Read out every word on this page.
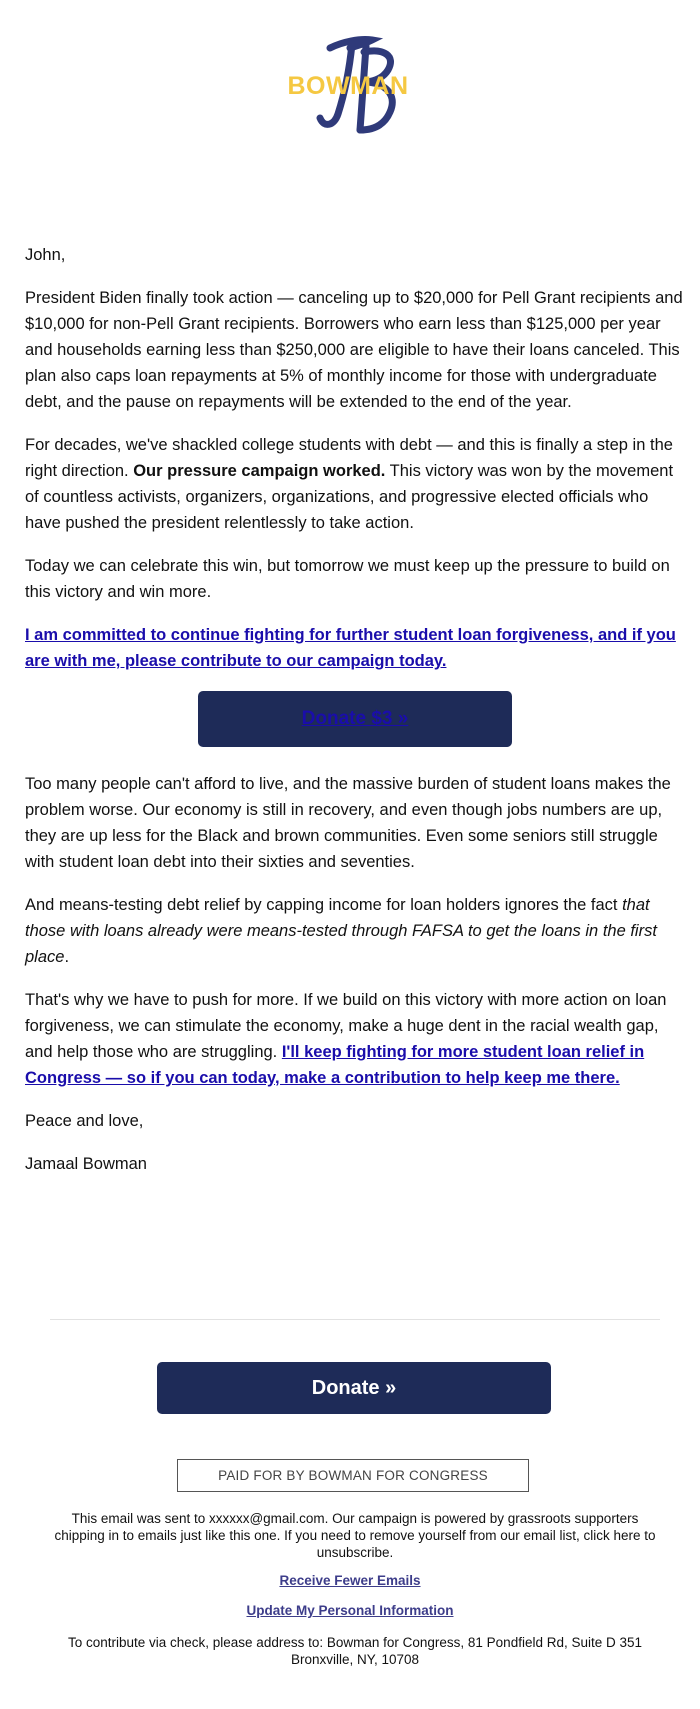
BOWMAN

John,

President Biden finally took action — canceling up to $20,000 for Pell Grant recipients and $10,000 for non-Pell Grant recipients. Borrowers who earn less than $125,000 per year and households earning less than $250,000 are eligible to have their loans canceled. This plan also caps loan repayments at 5% of monthly income for those with undergraduate debt, and the pause on repayments will be extended to the end of the year.

For decades, we've shackled college students with debt — and this is finally a step in the right direction. Our pressure campaign worked. This victory was won by the movement of countless activists, organizers, organizations, and progressive elected officials who have pushed the president relentlessly to take action.

Today we can celebrate this win, but tomorrow we must keep up the pressure to build on this victory and win more.

I am committed to continue fighting for further student loan forgiveness, and if you are with me, please contribute to our campaign today.

Donate $3 »

Too many people can't afford to live, and the massive burden of student loans makes the problem worse. Our economy is still in recovery, and even though jobs numbers are up, they are up less for the Black and brown communities. Even some seniors still struggle with student loan debt into their sixties and seventies.

And means-testing debt relief by capping income for loan holders ignores the fact that those with loans already were means-tested through FAFSA to get the loans in the first place.

That's why we have to push for more. If we build on this victory with more action on loan forgiveness, we can stimulate the economy, make a huge dent in the racial wealth gap, and help those who are struggling. I'll keep fighting for more student loan relief in Congress — so if you can today, make a contribution to help keep me there.

Peace and love,

Jamaal Bowman

Donate »
PAID FOR BY BOWMAN FOR CONGRESS
This email was sent to xxxxxx@gmail.com. Our campaign is powered by grassroots supporters chipping in to emails just like this one. If you need to remove yourself from our email list, click here to unsubscribe.
Receive Fewer Emails
Update My Personal Information
To contribute via check, please address to: Bowman for Congress, 81 Pondfield Rd, Suite D 351 Bronxville, NY, 10708
